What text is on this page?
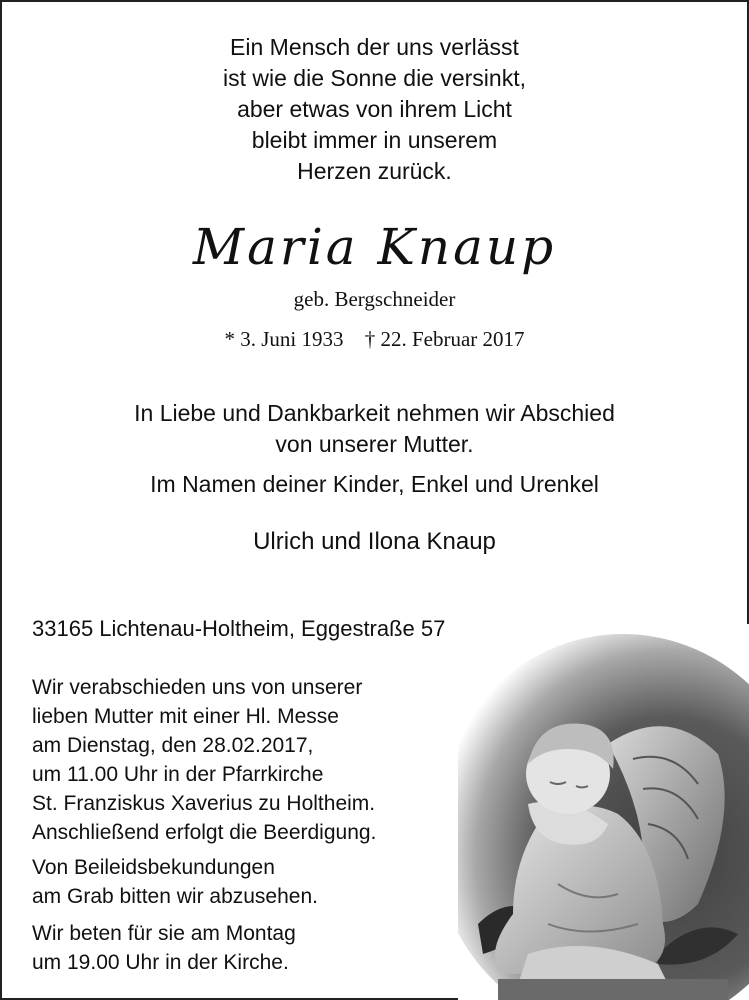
Ein Mensch der uns verlässt
ist wie die Sonne die versinkt,
aber etwas von ihrem Licht
bleibt immer in unserem
Herzen zurück.
Maria Knaup
geb. Bergschneider
* 3. Juni 1933 † 22. Februar 2017
In Liebe und Dankbarkeit nehmen wir Abschied
von unserer Mutter.
Im Namen deiner Kinder, Enkel und Urenkel
Ulrich und Ilona Knaup
33165 Lichtenau-Holtheim, Eggestraße 57
Wir verabschieden uns von unserer
lieben Mutter mit einer Hl. Messe
am Dienstag, den 28.02.2017,
um 11.00 Uhr in der Pfarrkirche
St. Franziskus Xaverius zu Holtheim.
Anschließend erfolgt die Beerdigung.
Von Beileidsbekundungen
am Grab bitten wir abzusehen.
Wir beten für sie am Montag
um 19.00 Uhr in der Kirche.
